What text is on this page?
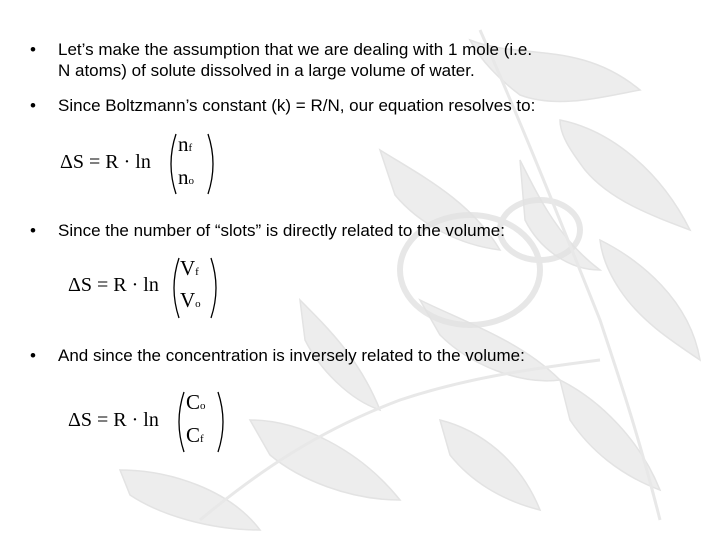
• Let’s make the assumption that we are dealing with 1 mole (i.e.
N atoms) of solute dissolved in a large volume of water.
• Since Boltzmann’s constant (k) = R/N, our equation resolves to:
ΔS = R · ln
nf
no
• Since the number of “slots” is directly related to the volume:
ΔS = R · ln
Vf
Vo
• And since the concentration is inversely related to the volume:
ΔS = R · ln
Co
Cf
